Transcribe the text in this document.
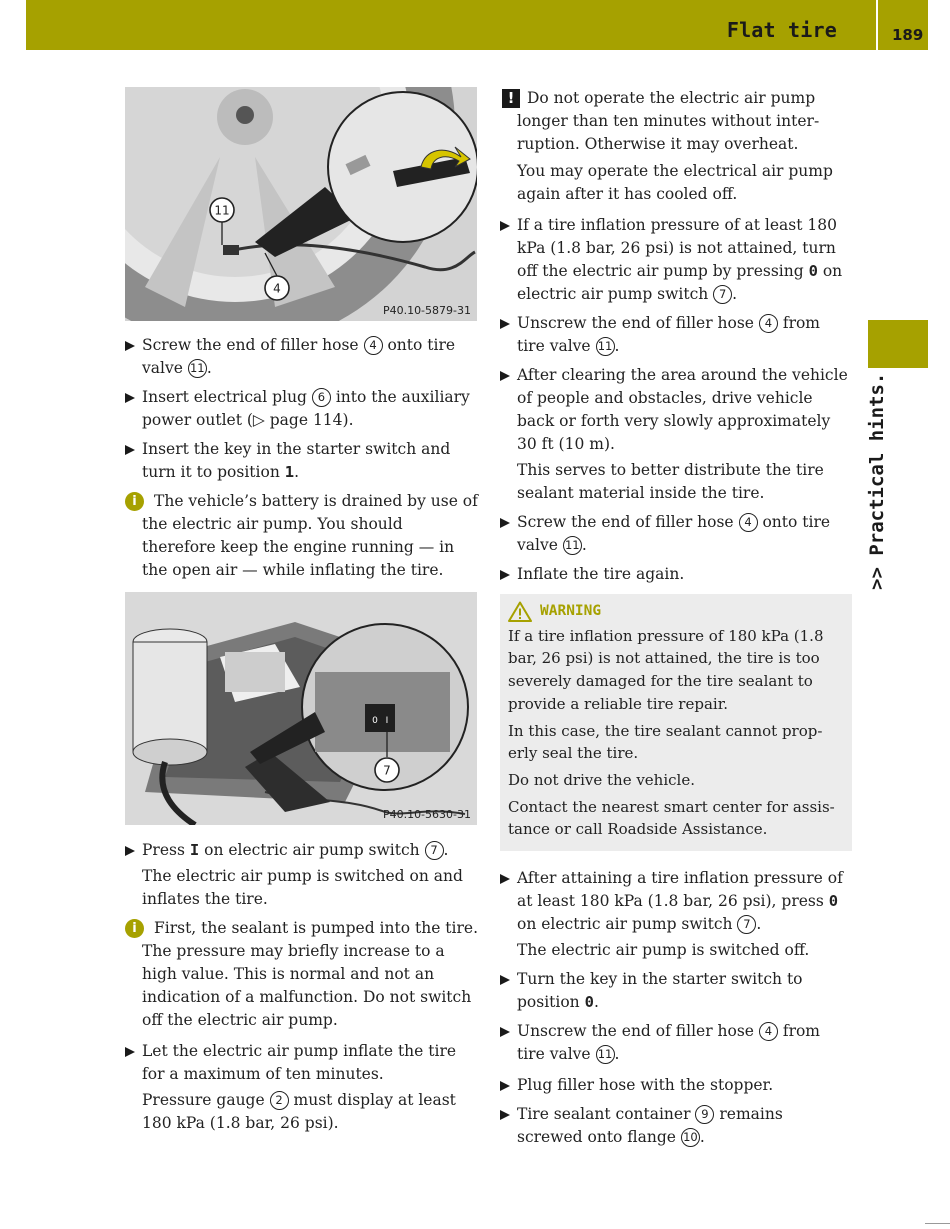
Flat tire	189
>> Practical hints.
11
4
P40.10-5879-31
0 I
7
P40.10-5630-31

Screw the end of filler hose 4 onto tire valve 11 .

Insert electrical plug 6 into the auxiliary power outlet (▷ page 114).

Insert the key in the starter switch and turn it to position 1.

i	The vehicle’s battery is drained by use of the electric air pump. You should therefore keep the engine running — in the open air — while inflating the tire.

Press I on electric air pump switch 7 .

The electric air pump is switched on and inflates the tire.

i	First, the sealant is pumped into the tire. The pressure may briefly increase to a high value. This is normal and not an indication of a malfunction. Do not switch off the electric air pump.

Let the electric air pump inflate the tire for a maximum of ten minutes.

Pressure gauge 2 must display at least 180 kPa (1.8 bar, 26 psi).

! Do not operate the electric air pump longer than ten minutes without interruption. Otherwise it may overheat.

You may operate the electrical air pump again after it has cooled off.

If a tire inflation pressure of at least 180 kPa (1.8 bar, 26 psi) is not attained, turn off the electric air pump by pressing 0 on electric air pump switch 7 .

Unscrew the end of filler hose 4 from tire valve 11 .

After clearing the area around the vehicle of people and obstacles, drive vehicle back or forth very slowly approximately 30 ft (10 m).

This serves to better distribute the tire sealant material inside the tire.

Screw the end of filler hose 4 onto tire valve 11 .

Inflate the tire again.

WARNING

If a tire inflation pressure of 180 kPa (1.8 bar, 26 psi) is not attained, the tire is too severely damaged for the tire sealant to provide a reliable tire repair.

In this case, the tire sealant cannot properly seal the tire.

Do not drive the vehicle.

Contact the nearest smart center for assistance or call Roadside Assistance.

After attaining a tire inflation pressure of at least 180 kPa (1.8 bar, 26 psi), press 0 on electric air pump switch 7 .

The electric air pump is switched off.

Turn the key in the starter switch to position 0.

Unscrew the end of filler hose 4 from tire valve 11 .

Plug filler hose with the stopper.

Tire sealant container 9 remains screwed onto flange 10 .
